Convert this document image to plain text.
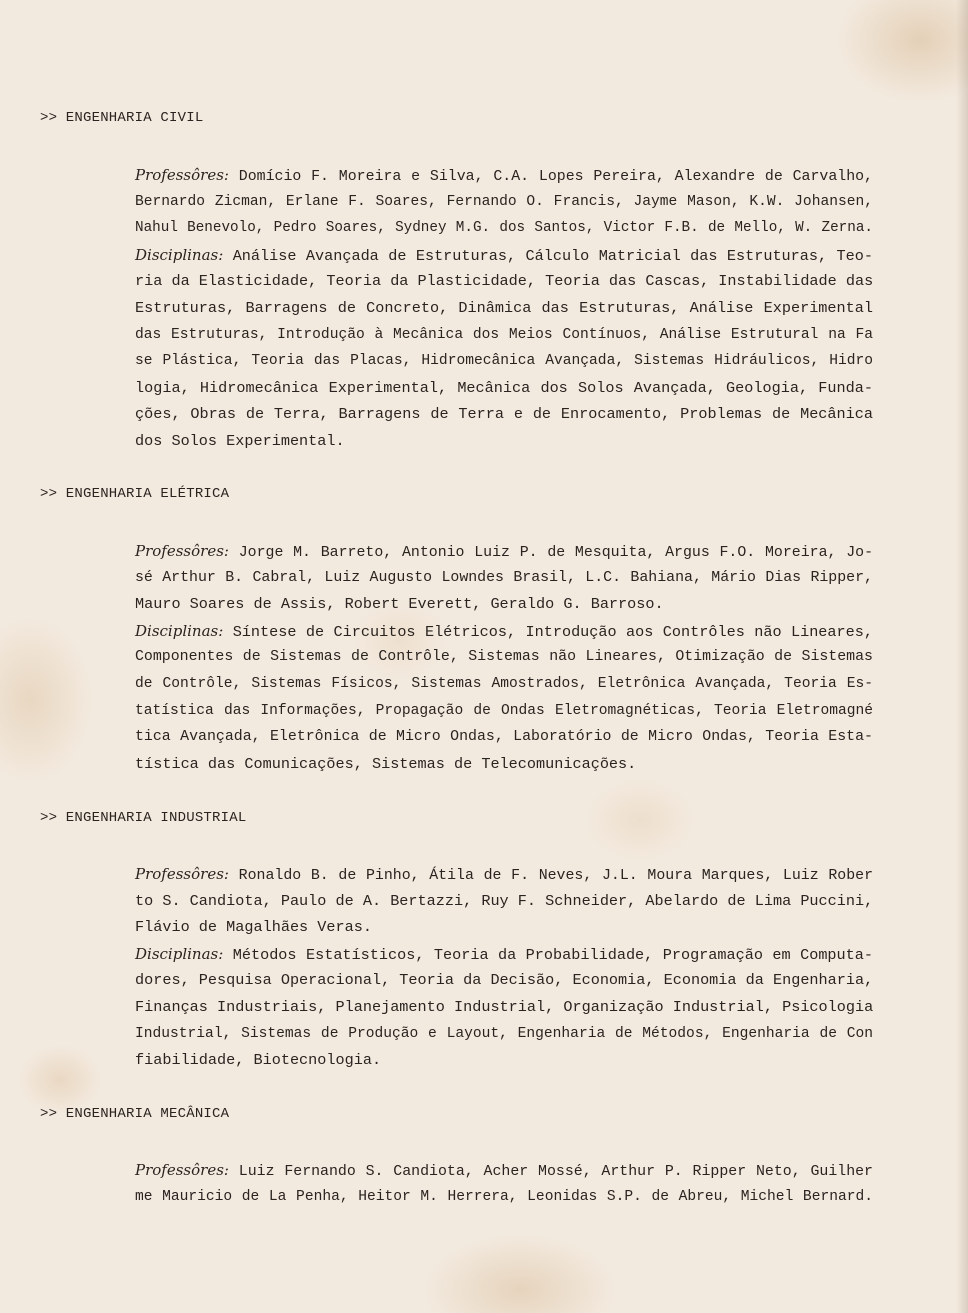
>> ENGENHARIA CIVIL
Professôres: Domício F. Moreira e Silva, C.A. Lopes Pereira, Alexandre de Carvalho,
Bernardo Zicman, Erlane F. Soares, Fernando O. Francis, Jayme Mason, K.W. Johansen,
Nahul Benevolo, Pedro Soares, Sydney M.G. dos Santos, Victor F.B. de Mello, W. Zerna.
Disciplinas: Análise Avançada de Estruturas, Cálculo Matricial das Estruturas, Teo-
ria da Elasticidade, Teoria da Plasticidade, Teoria das Cascas, Instabilidade das
Estruturas, Barragens de Concreto, Dinâmica das Estruturas, Análise Experimental
das Estruturas, Introdução à Mecânica dos Meios Contínuos, Análise Estrutural na Fa
se Plástica, Teoria das Placas, Hidromecânica Avançada, Sistemas Hidráulicos, Hidro
logia, Hidromecânica Experimental, Mecânica dos Solos Avançada, Geologia, Funda-
ções, Obras de Terra, Barragens de Terra e de Enrocamento, Problemas de Mecânica
dos Solos Experimental.
>> ENGENHARIA ELÉTRICA
Professôres: Jorge M. Barreto, Antonio Luiz P. de Mesquita, Argus F.O. Moreira, Jo-
sé Arthur B. Cabral, Luiz Augusto Lowndes Brasil, L.C. Bahiana, Mário Dias Ripper,
Mauro Soares de Assis, Robert Everett, Geraldo G. Barroso.
Disciplinas: Síntese de Circuitos Elétricos, Introdução aos Contrôles não Lineares,
Componentes de Sistemas de Contrôle, Sistemas não Lineares, Otimização de Sistemas
de Contrôle, Sistemas Físicos, Sistemas Amostrados, Eletrônica Avançada, Teoria Es-
tatística das Informações, Propagação de Ondas Eletromagnéticas, Teoria Eletromagné
tica Avançada, Eletrônica de Micro Ondas, Laboratório de Micro Ondas, Teoria Esta-
tística das Comunicações, Sistemas de Telecomunicações.
>> ENGENHARIA INDUSTRIAL
Professôres: Ronaldo B. de Pinho, Átila de F. Neves, J.L. Moura Marques, Luiz Rober
to S. Candiota, Paulo de A. Bertazzi, Ruy F. Schneider, Abelardo de Lima Puccini,
Flávio de Magalhães Veras.
Disciplinas: Métodos Estatísticos, Teoria da Probabilidade, Programação em Computa-
dores, Pesquisa Operacional, Teoria da Decisão, Economia, Economia da Engenharia,
Finanças Industriais, Planejamento Industrial, Organização Industrial, Psicologia
Industrial, Sistemas de Produção e Layout, Engenharia de Métodos, Engenharia de Con
fiabilidade, Biotecnologia.
>> ENGENHARIA MECÂNICA
Professôres: Luiz Fernando S. Candiota, Acher Mossé, Arthur P. Ripper Neto, Guilher
me Mauricio de La Penha, Heitor M. Herrera, Leonidas S.P. de Abreu, Michel Bernard.
